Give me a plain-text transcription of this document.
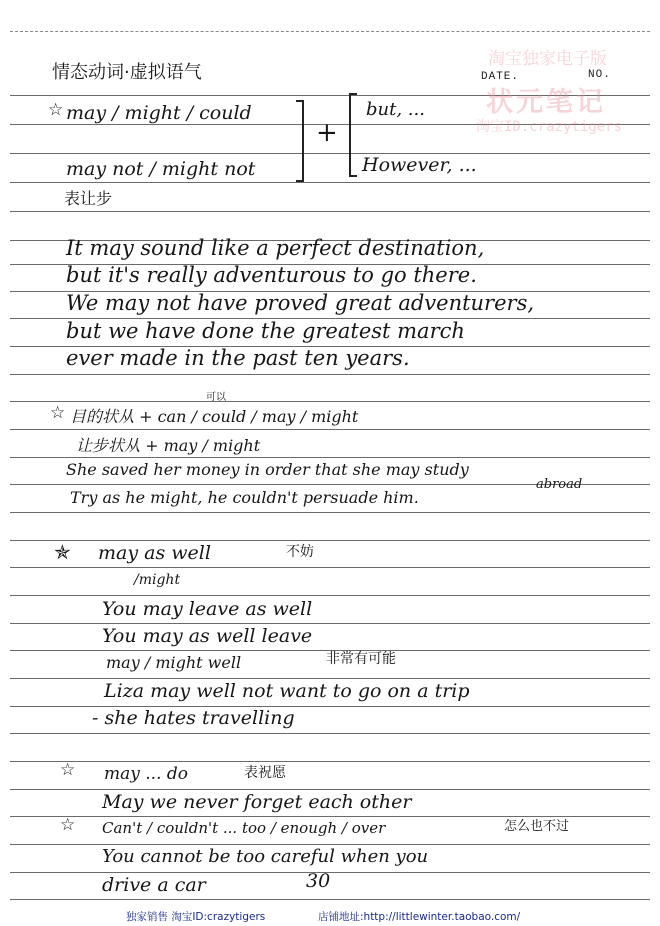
DATE.	NO.
淘宝独家电子版
状元笔记
淘宝ID:crazytigers
情态动词·虚拟语气
☆ may / might / could
may not / might not
+
but, ...
However, ...
表让步
It may sound like a perfect destination,
but it's really adventurous to go there.
We may not have proved great adventurers,
but we have done the greatest march
ever made in the past ten years.
☆
可以
目的状从 + can / could / may / might
让步状从 + may / might
She saved her money in order that she may study
abroad
Try as he might, he couldn't persuade him.
✯ may as well	不妨
/might
You may leave as well
You may as well leave
may / might well	非常有可能
Liza may well not want to go on a trip
- she hates travelling
☆ may ... do	表祝愿
May we never forget each other
☆ Can't / couldn't ... too / enough / over	怎么也不过
You cannot be too careful when you
drive a car	30
独家销售 淘宝ID:crazytigers	店铺地址:http://littlewinter.taobao.com/
